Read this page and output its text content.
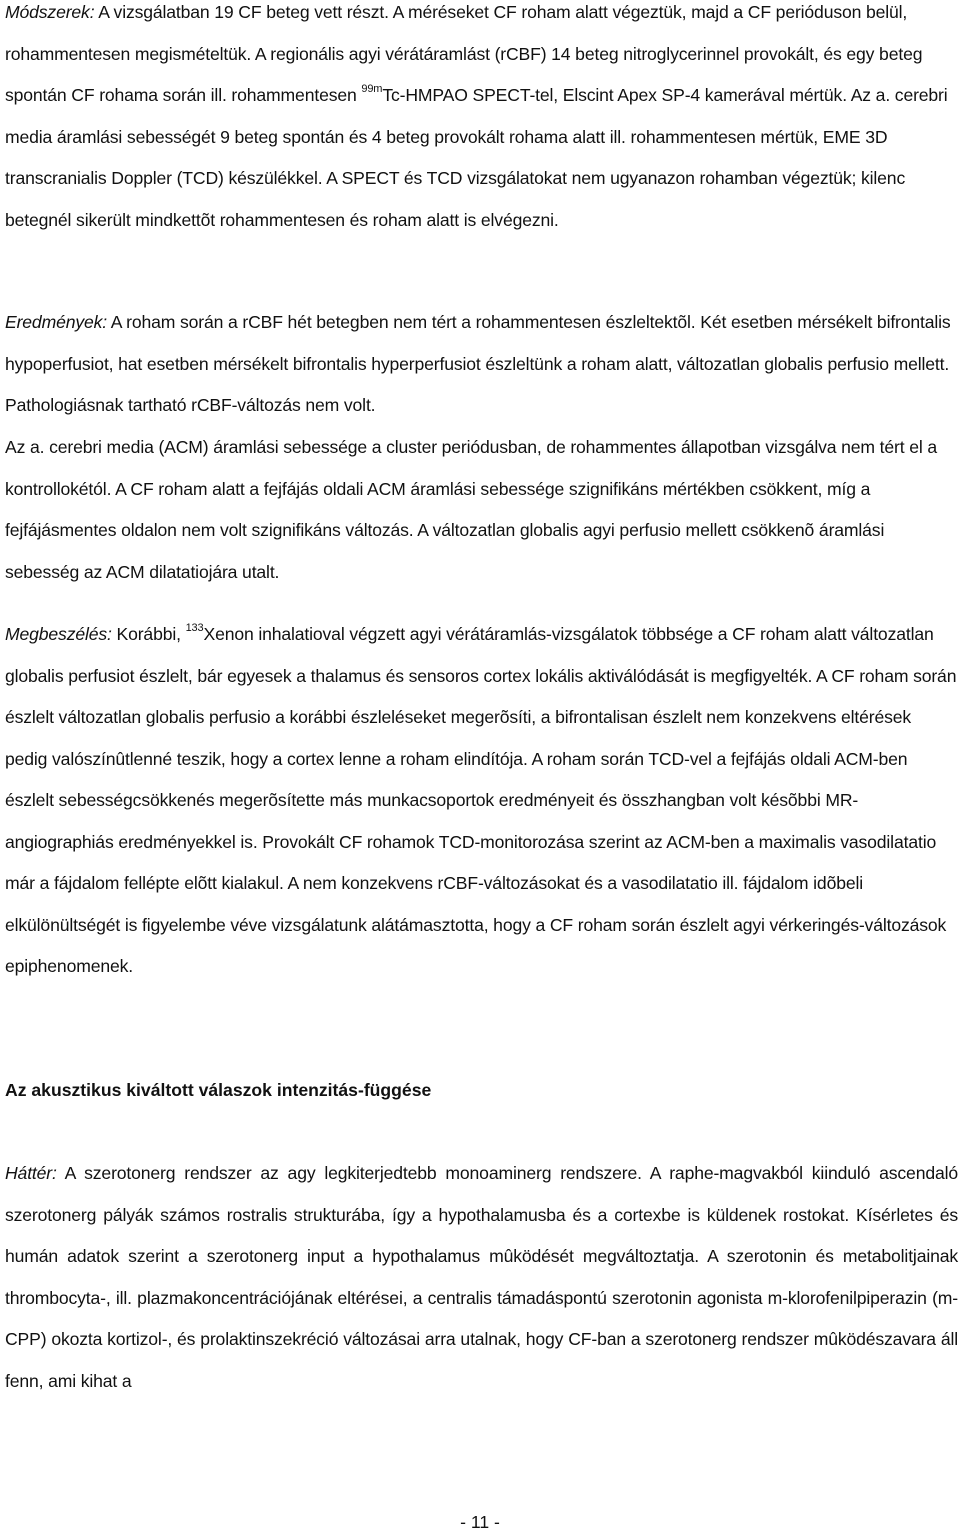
Módszerek: A vizsgálatban 19 CF beteg vett részt. A méréseket CF roham alatt végeztük, majd a CF perióduson belül, rohammentesen megismételtük. A regionális agyi vérátáramlást (rCBF) 14 beteg nitroglycerinnel provokált, és egy beteg spontán CF rohama során ill. rohammentesen $^{99m}$Tc-HMPAO SPECT-tel, Elscint Apex SP-4 kamerával mértük. Az a. cerebri media áramlási sebességét 9 beteg spontán és 4 beteg provokált rohama alatt ill. rohammentesen mértük, EME 3D transcranialis Doppler (TCD) készülékkel. A SPECT és TCD vizsgálatokat nem ugyanazon rohamban végeztük; kilenc betegnél sikerült mindkettõt rohammentesen és roham alatt is elvégezni.

Eredmények: A roham során a rCBF hét betegben nem tért a rohammentesen észleltektõl. Két esetben mérsékelt bifrontalis hypoperfusiot, hat esetben mérsékelt bifrontalis hyperperfusiot észleltünk a roham alatt, változatlan globalis perfusio mellett. Pathologiásnak tartható rCBF-változás nem volt.

Az a. cerebri media (ACM) áramlási sebessége a cluster periódusban, de rohammentes állapotban vizsgálva nem tért el a kontrollokétól. A CF roham alatt a fejfájás oldali ACM áramlási sebessége szignifikáns mértékben csökkent, míg a fejfájásmentes oldalon nem volt szignifikáns változás. A változatlan globalis agyi perfusio mellett csökkenõ áramlási sebesség az ACM dilatatiojára utalt.

Megbeszélés: Korábbi, $^{133}$Xenon inhalatioval végzett agyi vérátáramlás-vizsgálatok többsége a CF roham alatt változatlan globalis perfusiot észlelt, bár egyesek a thalamus és sensoros cortex lokális aktiválódását is megfigyelték. A CF roham során észlelt változatlan globalis perfusio a korábbi észleléseket megerõsíti, a bifrontalisan észlelt nem konzekvens eltérések pedig valószínûtlenné teszik, hogy a cortex lenne a roham elindítója. A roham során TCD-vel a fejfájás oldali ACM-ben észlelt sebességcsökkenés megerõsítette más munkacsoportok eredményeit és összhangban volt késõbbi MR-angiographiás eredményekkel is. Provokált CF rohamok TCD-monitorozása szerint az ACM-ben a maximalis vasodilatatio már a fájdalom fellépte elõtt kialakul. A nem konzekvens rCBF-változásokat és a vasodilatatio ill. fájdalom idõbeli elkülönültségét is figyelembe véve vizsgálatunk alátámasztotta, hogy a CF roham során észlelt agyi vérkeringés-változások epiphenomenek.

Az akusztikus kiváltott válaszok intenzitás-függése

Háttér: A szerotonerg rendszer az agy legkiterjedtebb monoaminerg rendszere. A raphe-magvakból kiinduló ascendaló szerotonerg pályák számos rostralis strukturába, így a hypothalamusba és a cortexbe is küldenek rostokat. Kísérletes és humán adatok szerint a szerotonerg input a hypothalamus mûködését megváltoztatja. A szerotonin és metabolitjainak thrombocyta-, ill. plazmakoncentrációjának eltérései, a centralis támadáspontú szerotonin agonista m-klorofenilpiperazin (m-CPP) okozta kortizol-, és prolaktinszekréció változásai arra utalnak, hogy CF-ban a szerotonerg rendszer mûködészavara áll fenn, ami kihat a

- 11 -
